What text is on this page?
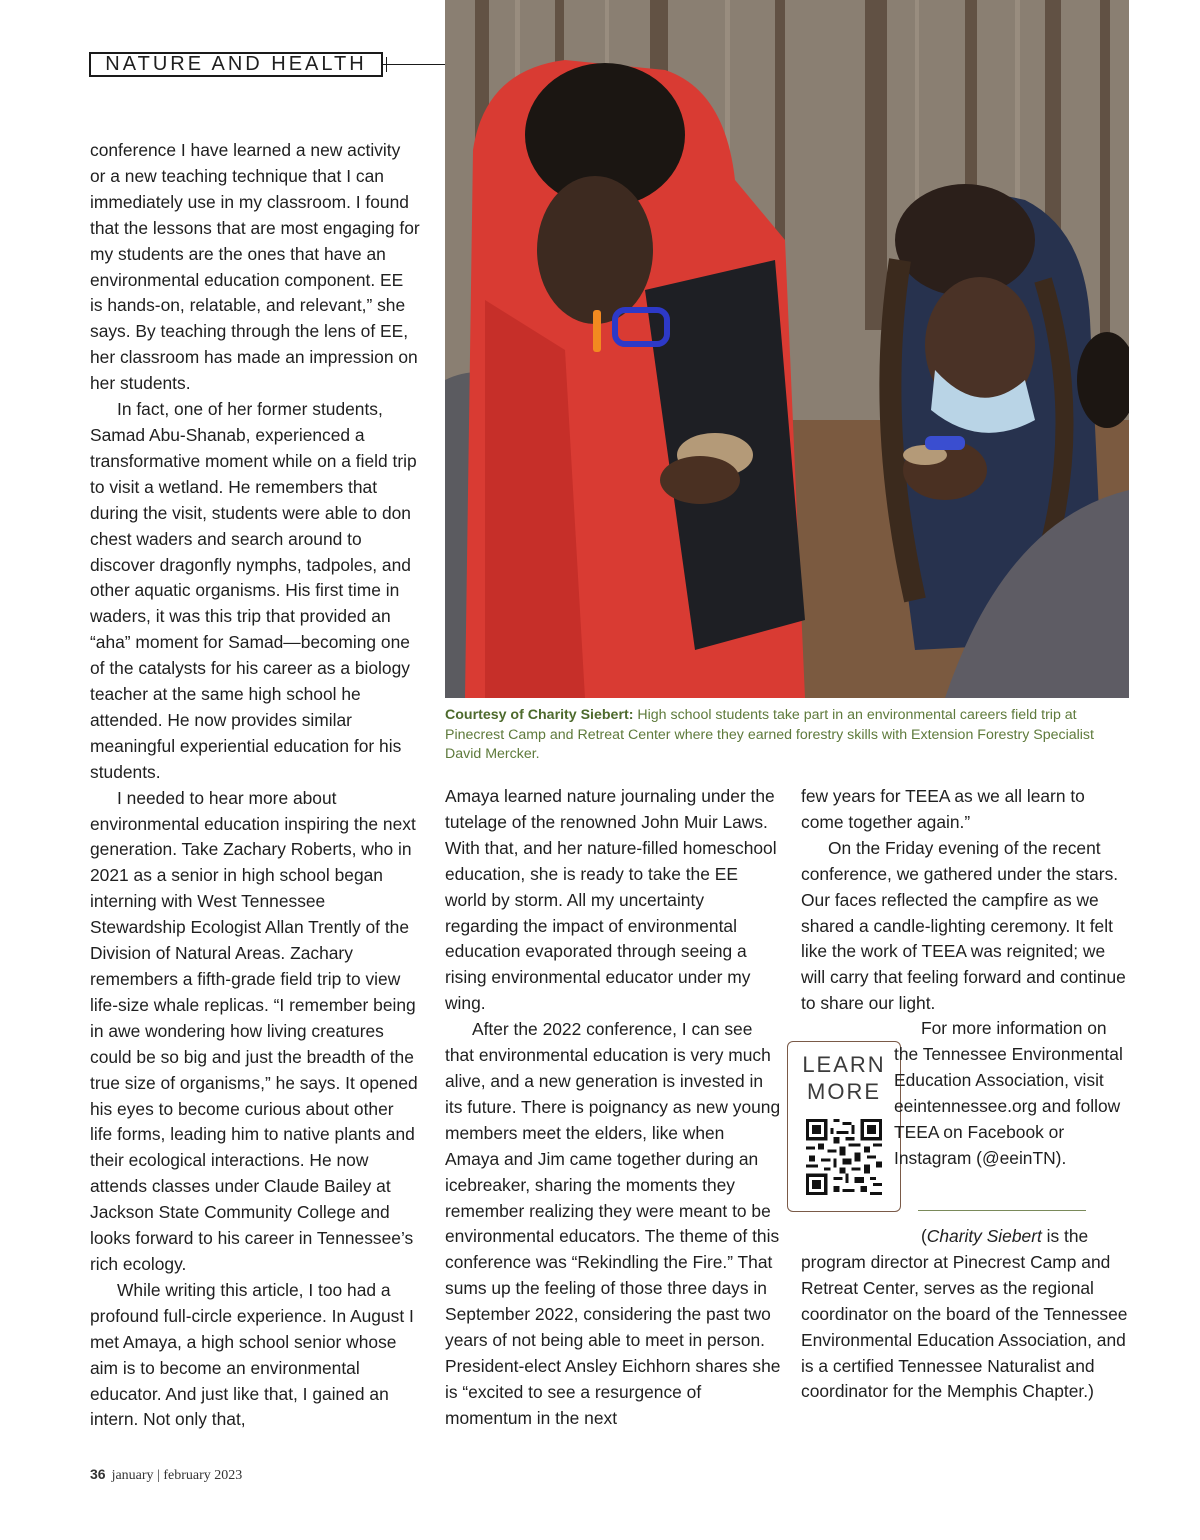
NATURE AND HEALTH

conference I have learned a new activity or a new teaching technique that I can immediately use in my classroom. I found that the lessons that are most engaging for my students are the ones that have an environmental education component. EE is hands-on, relatable, and relevant,” she says. By teaching through the lens of EE, her classroom has made an impression on her students.

In fact, one of her former students, Samad Abu-Shanab, experienced a transformative moment while on a field trip to visit a wetland. He remembers that during the visit, students were able to don chest waders and search around to discover dragonfly nymphs, tadpoles, and other aquatic organisms. His first time in waders, it was this trip that provided an “aha” moment for Samad—becoming one of the catalysts for his career as a biology teacher at the same high school he attended. He now provides similar meaningful experiential education for his students.

I needed to hear more about environmental education inspiring the next generation. Take Zachary Roberts, who in 2021 as a senior in high school began interning with West Tennessee Stewardship Ecologist Allan Trently of the Division of Natural Areas. Zachary remembers a fifth-grade field trip to view life-size whale replicas. “I remember being in awe wondering how living creatures could be so big and just the breadth of the true size of organisms,” he says. It opened his eyes to become curious about other life forms, leading him to native plants and their ecological interactions. He now attends classes under Claude Bailey at Jackson State Community College and looks forward to his career in Tennessee’s rich ecology.

While writing this article, I too had a profound full-circle experience. In August I met Amaya, a high school senior whose aim is to become an environmental educator. And just like that, I gained an intern. Not only that,

Courtesy of Charity Siebert: High school students take part in an environmental careers field trip at Pinecrest Camp and Retreat Center where they earned forestry skills with Extension Forestry Specialist David Mercker.

Amaya learned nature journaling under the tutelage of the renowned John Muir Laws. With that, and her nature-filled homeschool education, she is ready to take the EE world by storm. All my uncertainty regarding the impact of environmental education evaporated through seeing a rising environmental educator under my wing.

After the 2022 conference, I can see that environmental education is very much alive, and a new generation is invested in its future. There is poignancy as new young members meet the elders, like when Amaya and Jim came together during an icebreaker, sharing the moments they remember realizing they were meant to be environmental educators. The theme of this conference was “Rekindling the Fire.” That sums up the feeling of those three days in September 2022, considering the past two years of not being able to meet in person. President-elect Ansley Eichhorn shares she is “excited to see a resurgence of momentum in the next

few years for TEEA as we all learn to come together again.”

On the Friday evening of the recent conference, we gathered under the stars. Our faces reflected the campfire as we shared a candle-lighting ceremony. It felt like the work of TEEA was reignited; we will carry that feeling forward and continue to share our light.

LEARN
MORE

For more information on the Tennessee Environmental Education Association, visit eeintennessee.org and follow TEEA on Facebook or Instagram (@eeinTN).

(Charity Siebert is the program director at Pinecrest Camp and Retreat Center, serves as the regional coordinator on the board of the Tennessee Environmental Education Association, and is a certified Tennessee Naturalist and coordinator for the Memphis Chapter.)

36 january | february 2023
